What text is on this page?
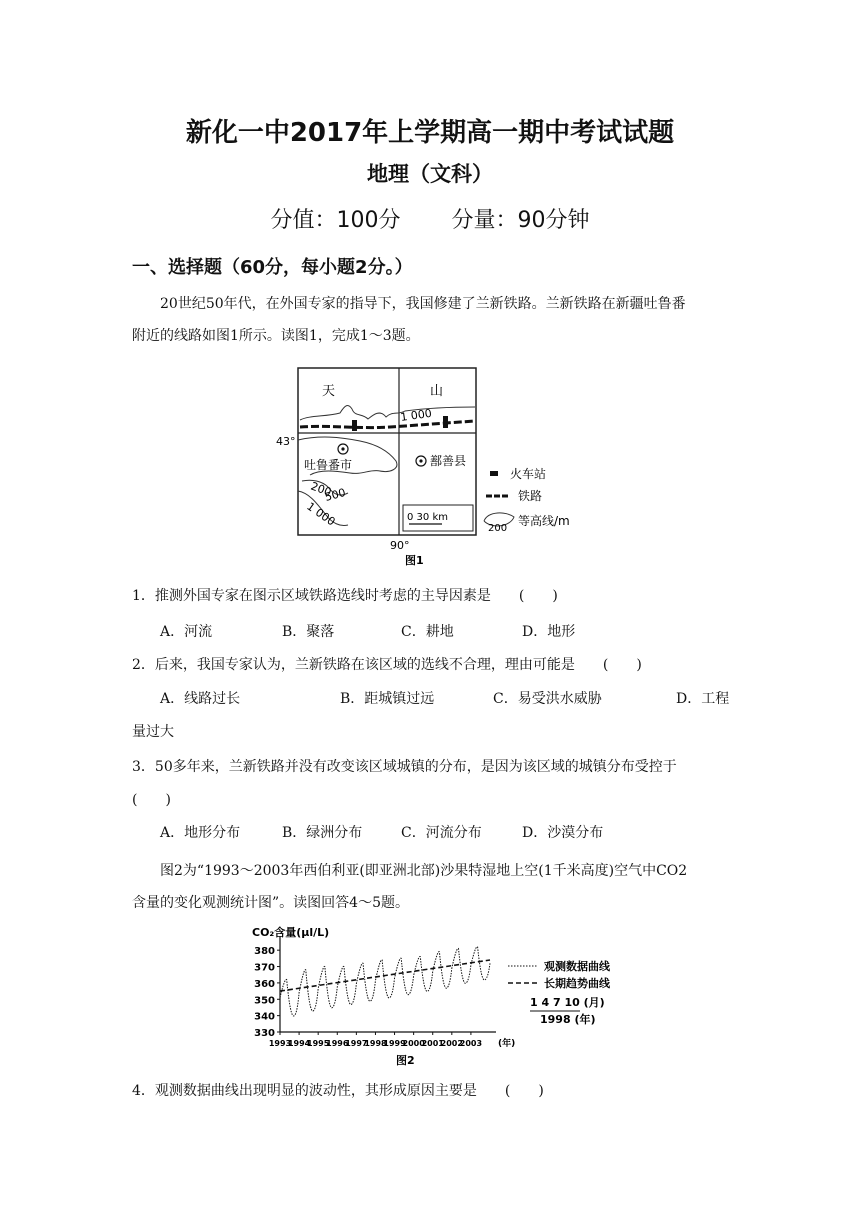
新化一中2017年上学期高一期中考试试题
地理（文科）
分值：100分 分量：90分钟
一、选择题（60分，每小题2分。）
20世纪50年代，在外国专家的指导下，我国修建了兰新铁路。兰新铁路在新疆吐鲁番
附近的线路如图1所示。读图1，完成1～3题。
天	山
1 000
43°
吐鲁番市	鄯善县
200
500
1 000	0 30 km
90°
火车站
铁路
200
等高线/m
图1
1．推测外国专家在图示区域铁路选线时考虑的主导因素是　　(　　)
A．河流	B．聚落	C．耕地	D．地形
2．后来，我国专家认为，兰新铁路在该区域的选线不合理，理由可能是　　(　　)
A．线路过长	B．距城镇过远	C．易受洪水威胁	D．工程
量过大
3．50多年来，兰新铁路并没有改变该区域城镇的分布，是因为该区域的城镇分布受控于
(　　)
A．地形分布	B．绿洲分布	C．河流分布	D．沙漠分布
图2为“1993～2003年西伯利亚(即亚洲北部)沙果特湿地上空(1千米高度)空气中CO2
含量的变化观测统计图”。读图回答4～5题。
CO₂含量(μl/L)
330
340
350
360
370
380
1993
1994
1995
1996
1997
1998
1999
2000
2001
2002
2003 (年)
观测数据曲线
长期趋势曲线
1 4 7 10 (月)
1998 (年)
图2
4．观测数据曲线出现明显的波动性，其形成原因主要是　　(　　)
